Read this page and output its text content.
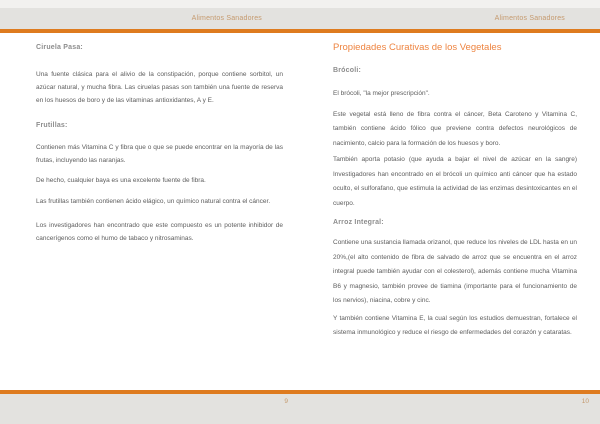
Alimentos Sanadores	Alimentos Sanadores
Ciruela Pasa:

Una fuente clásica para el alivio de la constipación, porque contiene sorbitol, un azúcar natural, y mucha fibra. Las ciruelas pasas son también una fuente de reserva en los huesos de boro y de las vitaminas antioxidantes, A y E.

Frutillas:

Contienen más Vitamina C y fibra que o que se puede encontrar en la mayoría de las frutas, incluyendo las naranjas.

De hecho, cualquier baya es una excelente fuente de fibra.

Las frutillas también contienen ácido elágico, un químico natural contra el cáncer.

Los investigadores han encontrado que este compuesto es un potente inhibidor de cancerígenos como el humo de tabaco y nitrosaminas.

Propiedades Curativas de los Vegetales
Brócoli:

El brócoli, "la mejor prescripción".

Este vegetal está lleno de fibra contra el cáncer, Beta Caroteno y Vitamina C, también contiene ácido fólico que previene contra defectos neurológicos de nacimiento, calcio para la formación de los huesos y boro.

También aporta potasio (que ayuda a bajar el nivel de azúcar en la sangre) Investigadores han encontrado en el brócoli un químico anti cáncer que ha estado oculto, el sulforafano, que estimula la actividad de las enzimas desintoxicantes en el cuerpo.

Arroz Integral:

Contiene una sustancia llamada orizanol, que reduce los niveles de LDL hasta en un 20%,(el alto contenido de fibra de salvado de arroz que se encuentra en el arroz integral puede también ayudar con el colesterol), además contiene mucha Vitamina B6 y magnesio, también provee de tiamina (importante para el funcionamiento de los nervios), niacina, cobre y cinc.

Y también contiene Vitamina E, la cual según los estudios demuestran, fortalece el sistema inmunológico y reduce el riesgo de enfermedades del corazón y cataratas.

9	10
